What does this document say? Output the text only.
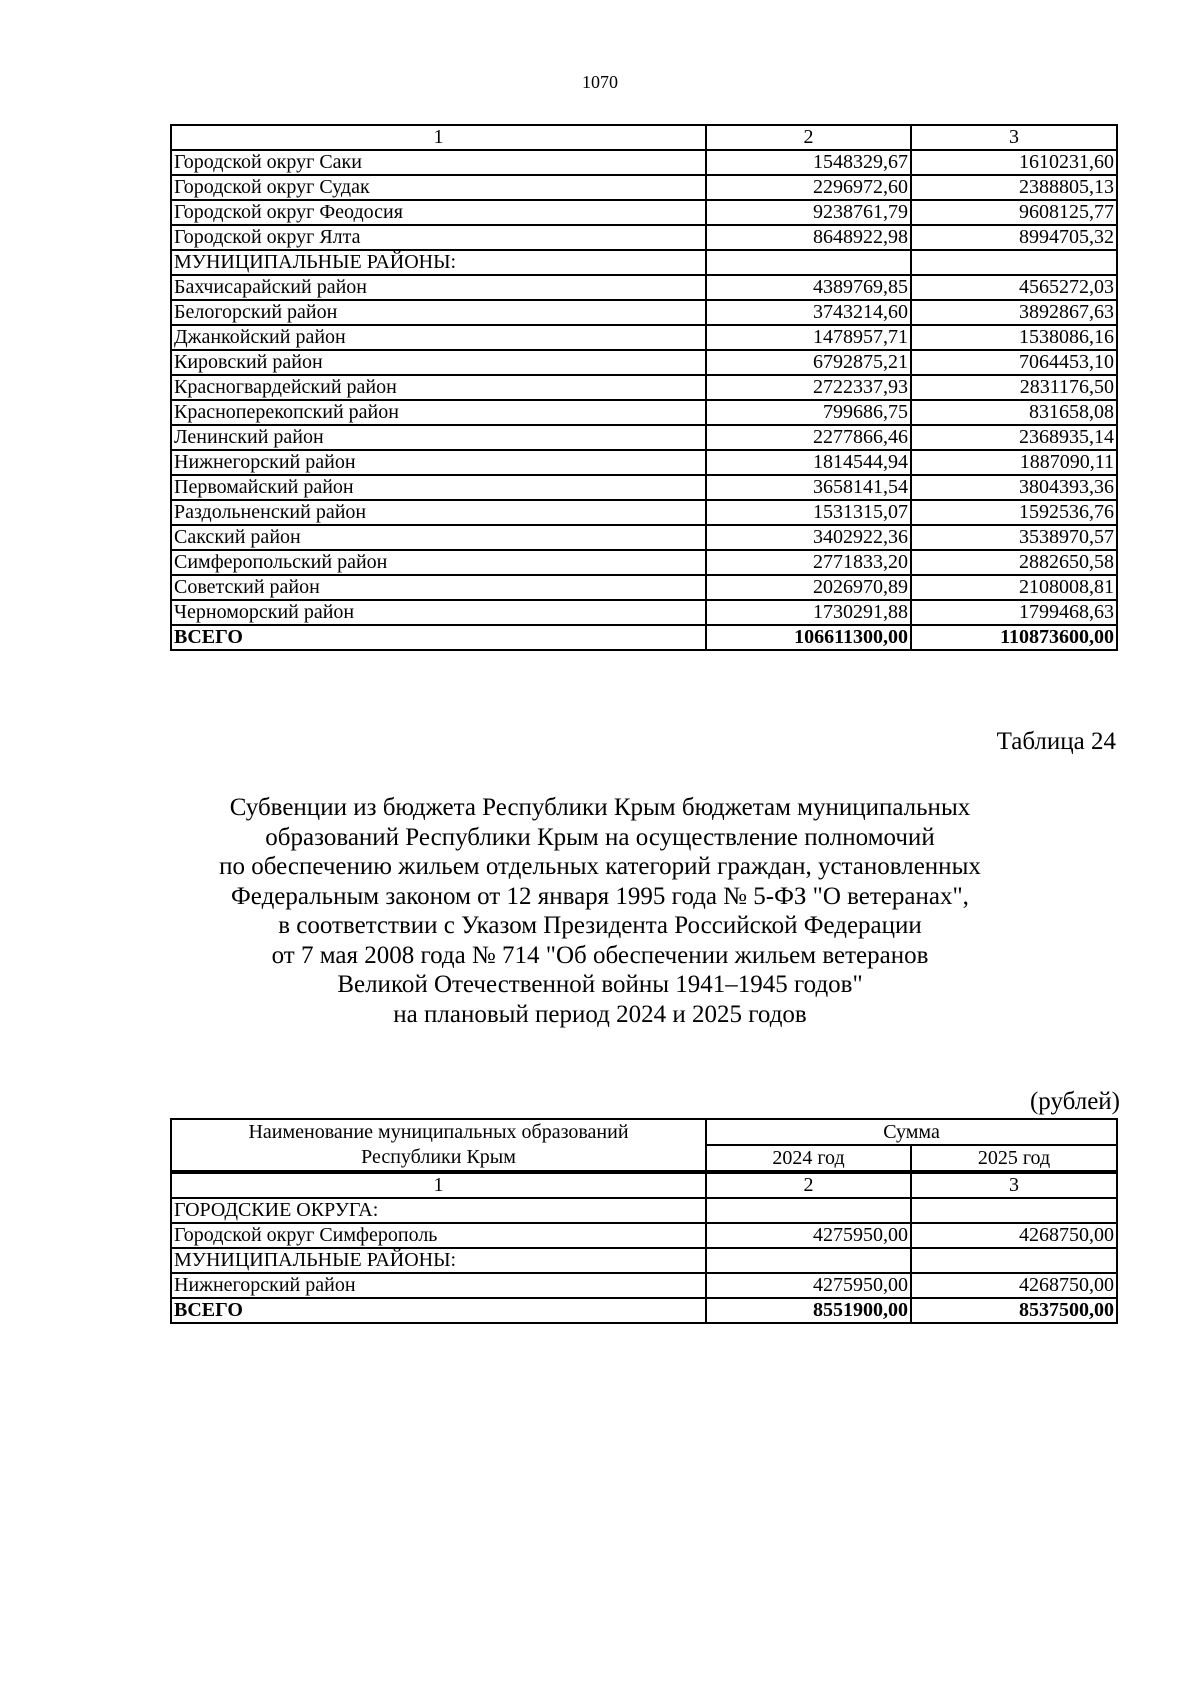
1070
1	2	3
Городской округ Саки	1548329,67	1610231,60
Городской округ Судак	2296972,60	2388805,13
Городской округ Феодосия	9238761,79	9608125,77
Городской округ Ялта	8648922,98	8994705,32
МУНИЦИПАЛЬНЫЕ РАЙОНЫ:		
Бахчисарайский район	4389769,85	4565272,03
Белогорский район	3743214,60	3892867,63
Джанкойский район	1478957,71	1538086,16
Кировский район	6792875,21	7064453,10
Красногвардейский район	2722337,93	2831176,50
Красноперекопский район	799686,75	831658,08
Ленинский район	2277866,46	2368935,14
Нижнегорский район	1814544,94	1887090,11
Первомайский район	3658141,54	3804393,36
Раздольненский район	1531315,07	1592536,76
Сакский район	3402922,36	3538970,57
Симферопольский район	2771833,20	2882650,58
Советский район	2026970,89	2108008,81
Черноморский район	1730291,88	1799468,63
ВСЕГО	106611300,00	110873600,00
Таблица 24
Субвенции из бюджета Республики Крым бюджетам муниципальных
образований Республики Крым на осуществление полномочий
по обеспечению жильем отдельных категорий граждан, установленных
Федеральным законом от 12 января 1995 года № 5-ФЗ "О ветеранах",
в соответствии с Указом Президента Российской Федерации
от 7 мая 2008 года № 714 "Об обеспечении жильем ветеранов
Великой Отечественной войны 1941–1945 годов"
на плановый период 2024 и 2025 годов
(рублей)
Наименование муниципальных образований Республики Крым	Сумма	
	2024 год	2025 год
1	2	3
ГОРОДСКИЕ ОКРУГА:		
Городской округ Симферополь	4275950,00	4268750,00
МУНИЦИПАЛЬНЫЕ РАЙОНЫ:		
Нижнегорский район	4275950,00	4268750,00
ВСЕГО	8551900,00	8537500,00
